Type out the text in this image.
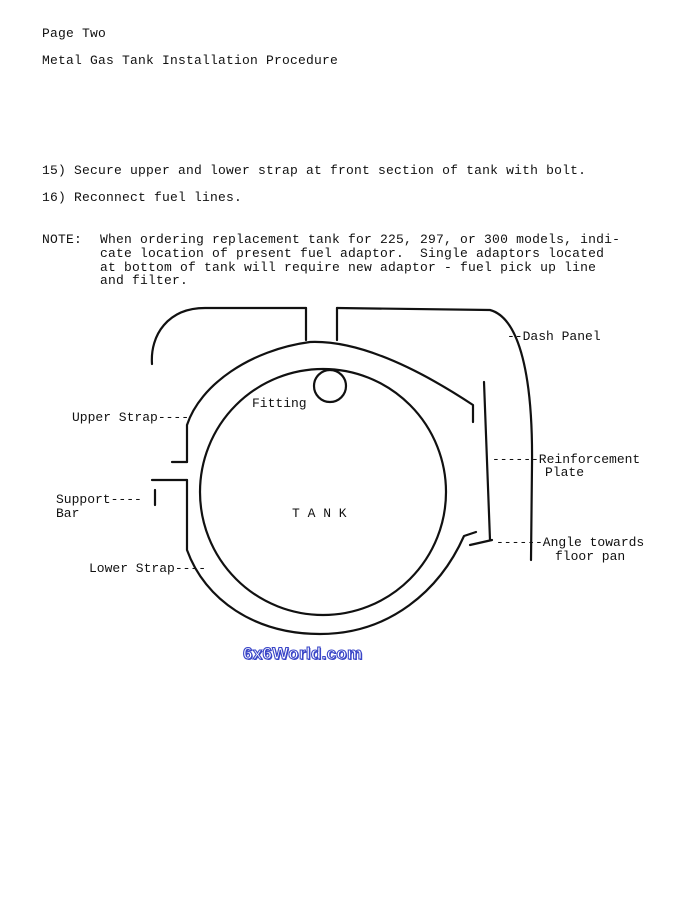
Page Two
Metal Gas Tank Installation Procedure
15) Secure upper and lower strap at front section of tank with bolt.
16) Reconnect fuel lines.
NOTE: When ordering replacement tank for 225, 297, or 300 models, indi-
cate location of present fuel adaptor.  Single adaptors located
at bottom of tank will require new adaptor - fuel pick up line
and filter.
T A N K
Fitting
--Dash Panel
Upper Strap----
------Reinforcement
Plate
Support----
Bar
------Angle towards
floor pan
Lower Strap----
6x6World.com
